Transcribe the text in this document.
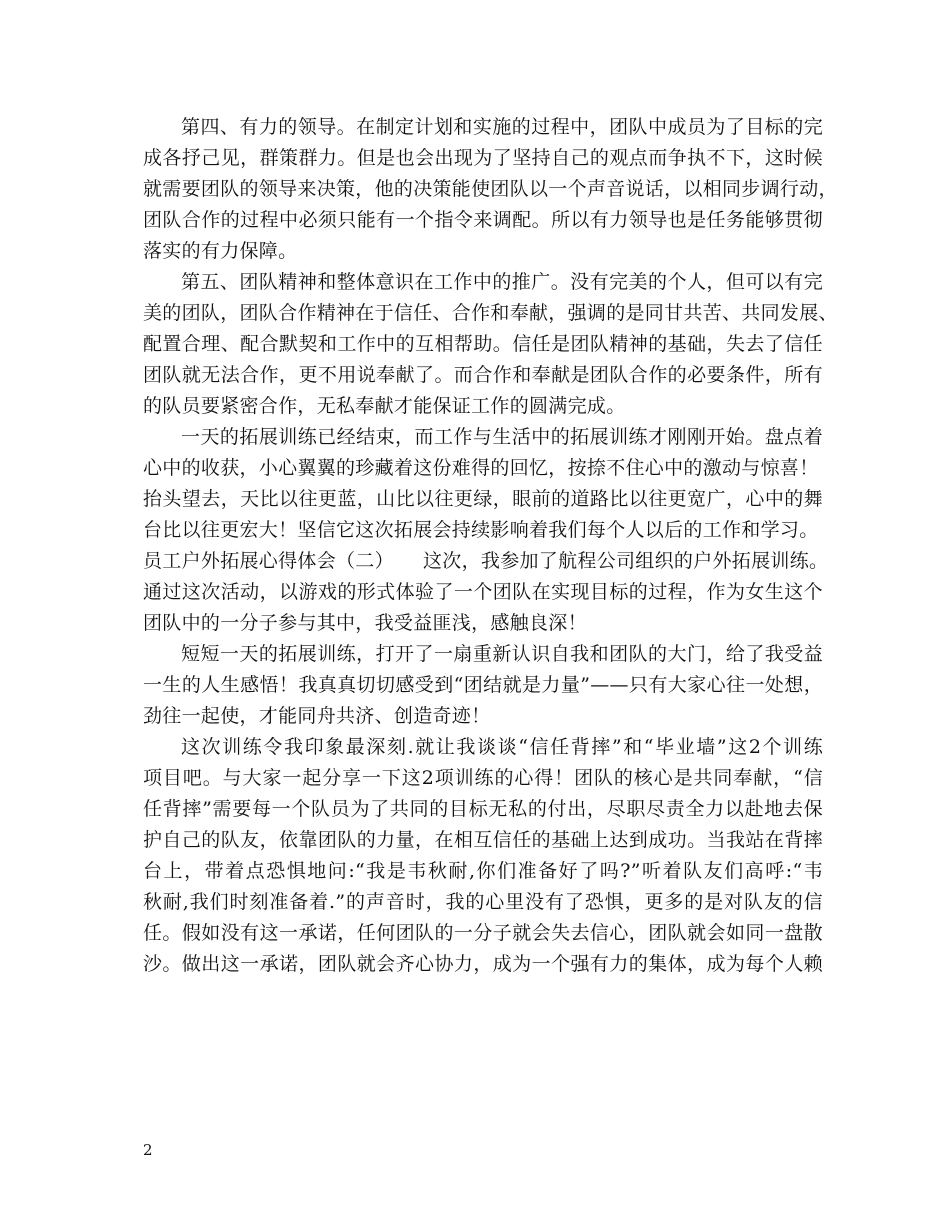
第四、有力的领导。在制定计划和实施的过程中，团队中成员为了目标的完
成各抒己见，群策群力。但是也会出现为了坚持自己的观点而争执不下，这时候
就需要团队的领导来决策，他的决策能使团队以一个声音说话，以相同步调行动，
团队合作的过程中必须只能有一个指令来调配。所以有力领导也是任务能够贯彻
落实的有力保障。
第五、团队精神和整体意识在工作中的推广。没有完美的个人，但可以有完
美的团队，团队合作精神在于信任、合作和奉献，强调的是同甘共苦、共同发展、
配置合理、配合默契和工作中的互相帮助。信任是团队精神的基础，失去了信任
团队就无法合作，更不用说奉献了。而合作和奉献是团队合作的必要条件，所有
的队员要紧密合作，无私奉献才能保证工作的圆满完成。
一天的拓展训练已经结束，而工作与生活中的拓展训练才刚刚开始。盘点着
心中的收获，小心翼翼的珍藏着这份难得的回忆，按捺不住心中的激动与惊喜！
抬头望去，天比以往更蓝，山比以往更绿，眼前的道路比以往更宽广，心中的舞
台比以往更宏大！坚信它这次拓展会持续影响着我们每个人以后的工作和学习。
员工户外拓展心得体会（二）　　这次，我参加了航程公司组织的户外拓展训练。
通过这次活动，以游戏的形式体验了一个团队在实现目标的过程，作为女生这个
团队中的一分子参与其中，我受益匪浅，感触良深！
短短一天的拓展训练，打开了一扇重新认识自我和团队的大门，给了我受益
一生的人生感悟！我真真切切感受到“团结就是力量”——只有大家心往一处想，
劲往一起使，才能同舟共济、创造奇迹！
这次训练令我印象最深刻.就让我谈谈“信任背摔”和“毕业墙”这2个训练
项目吧。与大家一起分享一下这2项训练的心得！团队的核心是共同奉献，“信
任背摔”需要每一个队员为了共同的目标无私的付出，尽职尽责全力以赴地去保
护自己的队友，依靠团队的力量，在相互信任的基础上达到成功。当我站在背摔
台上，带着点恐惧地问:“我是韦秋耐,你们准备好了吗?”听着队友们高呼:“韦
秋耐,我们时刻准备着.”的声音时，我的心里没有了恐惧，更多的是对队友的信
任。假如没有这一承诺，任何团队的一分子就会失去信心，团队就会如同一盘散
沙。做出这一承诺，团队就会齐心协力，成为一个强有力的集体，成为每个人赖
2
